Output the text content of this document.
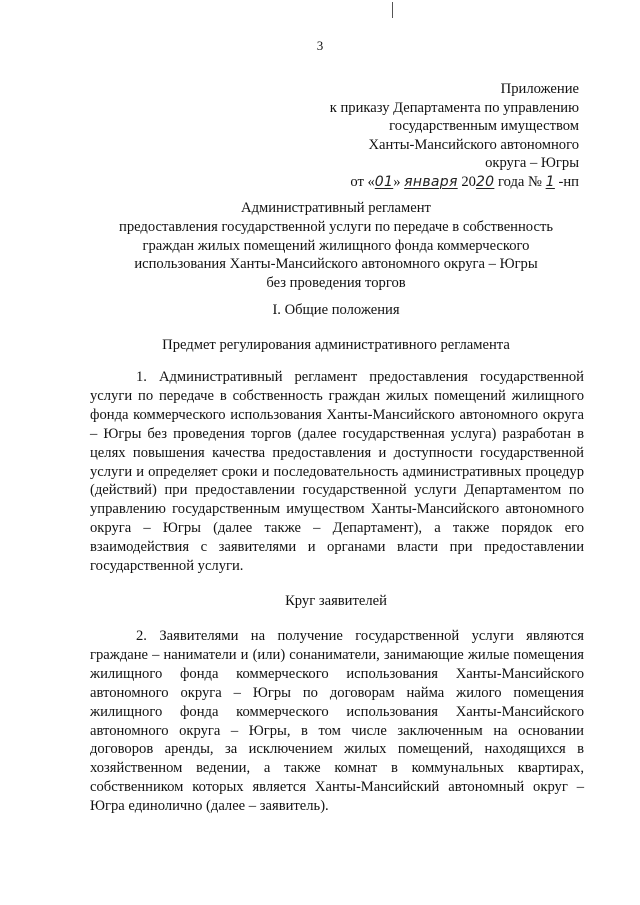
3
Приложение
к приказу Департамента по управлению
государственным имуществом
Ханты-Мансийского автономного
округа – Югры
от «01» января 2020 года № 1 -нп
Административный регламент
предоставления государственной услуги по передаче в собственность
граждан жилых помещений жилищного фонда коммерческого
использования Ханты-Мансийского автономного округа – Югры
без проведения торгов
I. Общие положения
Предмет регулирования административного регламента
1. Административный регламент предоставления государственной услуги по передаче в собственность граждан жилых помещений жилищного фонда коммерческого использования Ханты-Мансийского автономного округа – Югры без проведения торгов (далее государственная услуга) разработан в целях повышения качества предоставления и доступности государственной услуги и определяет сроки и последовательность административных процедур (действий) при предоставлении государственной услуги Департаментом по управлению государственным имуществом Ханты-Мансийского автономного округа – Югры (далее также – Департамент), а также порядок его взаимодействия с заявителями и органами власти при предоставлении государственной услуги.
Круг заявителей
2. Заявителями на получение государственной услуги являются граждане – наниматели и (или) сонаниматели, занимающие жилые помещения жилищного фонда коммерческого использования Ханты-Мансийского автономного округа – Югры по договорам найма жилого помещения жилищного фонда коммерческого использования Ханты-Мансийского автономного округа – Югры, в том числе заключенным на основании договоров аренды, за исключением жилых помещений, находящихся в хозяйственном ведении, а также комнат в коммунальных квартирах, собственником которых является Ханты-Мансийский автономный округ – Югра единолично (далее – заявитель).
